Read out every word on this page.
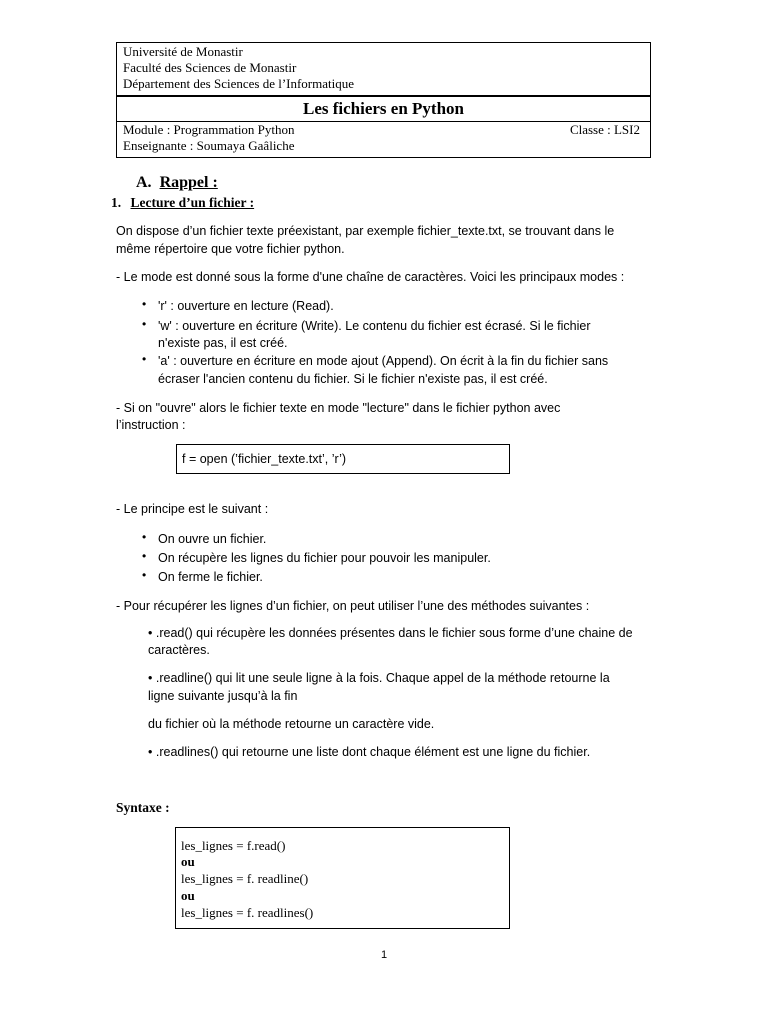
Université de Monastir
Faculté des Sciences de Monastir
Département des Sciences de l’Informatique
Les fichiers en Python
Module : Programmation Python
Enseignante : Soumaya Gaâliche
Classe : LSI2
A. Rappel :
1. Lecture d’un fichier :
On dispose d’un fichier texte préexistant, par exemple fichier_texte.txt, se trouvant dans le
même répertoire que votre fichier python.
- Le mode est donné sous la forme d'une chaîne de caractères. Voici les principaux modes :
• 'r' : ouverture en lecture (Read).
• 'w' : ouverture en écriture (Write). Le contenu du fichier est écrasé. Si le fichier
n'existe pas, il est créé.
• 'a' : ouverture en écriture en mode ajout (Append). On écrit à la fin du fichier sans
écraser l'ancien contenu du fichier. Si le fichier n'existe pas, il est créé.
- Si on "ouvre" alors le fichier texte en mode "lecture" dans le fichier python avec
l’instruction :
f = open (’fichier_texte.txt’, ’r’)
- Le principe est le suivant :
• On ouvre un fichier.
• On récupère les lignes du fichier pour pouvoir les manipuler.
• On ferme le fichier.
- Pour récupérer les lignes d’un fichier, on peut utiliser l’une des méthodes suivantes :
• .read() qui récupère les données présentes dans le fichier sous forme d’une chaine de
caractères.
• .readline() qui lit une seule ligne à la fois. Chaque appel de la méthode retourne la
ligne suivante jusqu’à la fin
du fichier où la méthode retourne un caractère vide.
• .readlines() qui retourne une liste dont chaque élément est une ligne du fichier.
Syntaxe :
les_lignes = f.read()
ou
les_lignes = f. readline()
ou
les_lignes = f. readlines()
1
